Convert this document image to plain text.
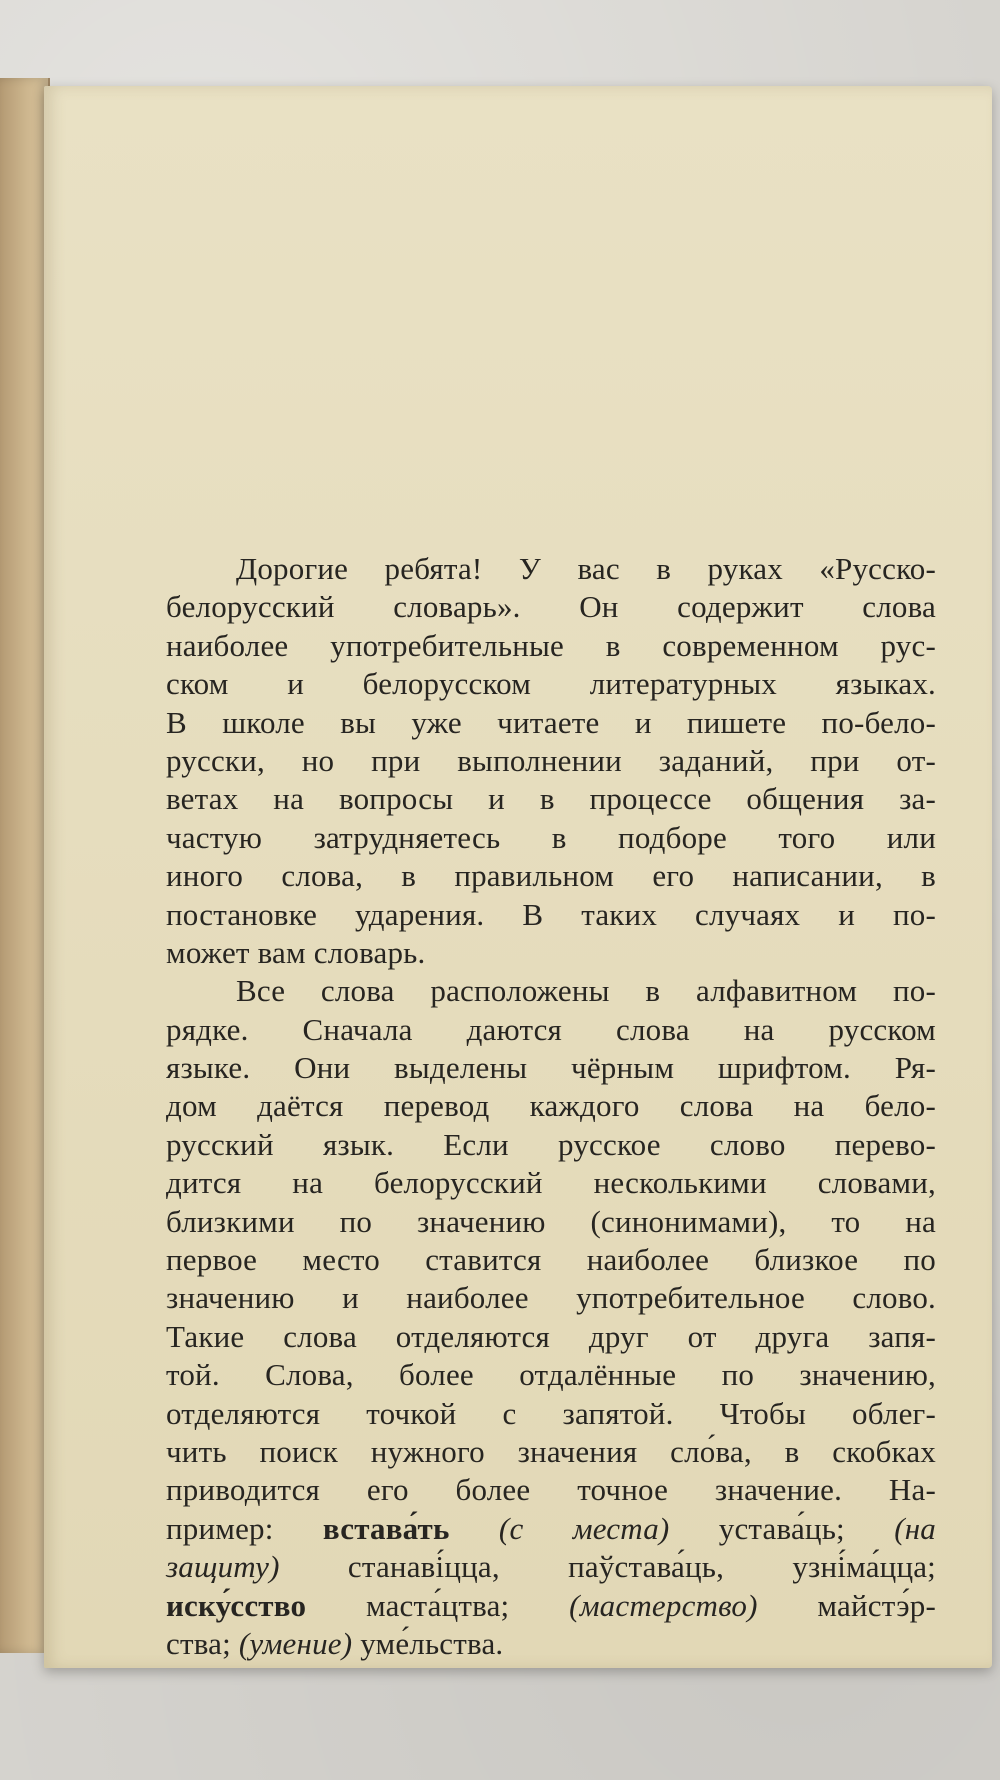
Дорогие ребята! У вас в руках «Русско-
белорусский словарь». Он содержит слова
наиболее употребительные в современном рус-
ском и белорусском литературных языках.
В школе вы уже читаете и пишете по-бело-
русски, но при выполнении заданий, при от-
ветах на вопросы и в процессе общения за-
частую затрудняетесь в подборе того или
иного слова, в правильном его написании, в
постановке ударения. В таких случаях и по-
может вам словарь.
Все слова расположены в алфавитном по-
рядке. Сначала даются слова на русском
языке. Они выделены чёрным шрифтом. Ря-
дом даётся перевод каждого слова на бело-
русский язык. Если русское слово перево-
дится на белорусский несколькими словами,
близкими по значению (синонимами), то на
первое место ставится наиболее близкое по
значению и наиболее употребительное слово.
Такие слова отделяются друг от друга запя-
той. Слова, более отдалённые по значению,
отделяются точкой с запятой. Чтобы облег-
чить поиск нужного значения сло́ва, в скобках
приводится его более точное значение. На-
пример: встава́ть (с места) устава́ць; (на
защиту) станаві́цца, паўстава́ць, узні́ма́цца;
иску́сство маста́цтва; (мастерство) майстэ́р-
ства; (умение) уме́льства.
